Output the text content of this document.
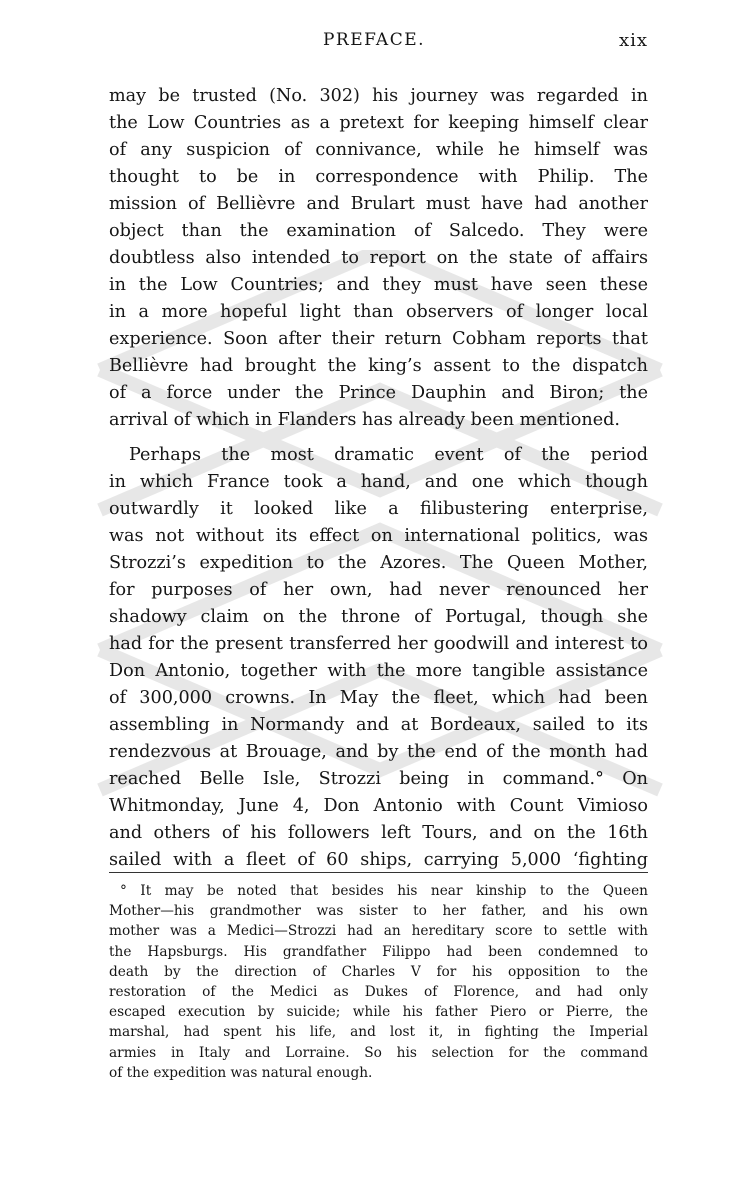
PREFACE.	xix
may be trusted (No. 302) his journey was regarded in
the Low Countries as a pretext for keeping himself clear
of any suspicion of connivance, while he himself was
thought to be in correspondence with Philip. The
mission of Bellièvre and Brulart must have had another
object than the examination of Salcedo. They were
doubtless also intended to report on the state of affairs
in the Low Countries; and they must have seen these
in a more hopeful light than observers of longer local
experience. Soon after their return Cobham reports that
Bellièvre had brought the king’s assent to the dispatch
of a force under the Prince Dauphin and Biron; the
arrival of which in Flanders has already been mentioned.
Perhaps the most dramatic event of the period
in which France took a hand, and one which though
outwardly it looked like a filibustering enterprise,
was not without its effect on international politics, was
Strozzi’s expedition to the Azores. The Queen Mother,
for purposes of her own, had never renounced her
shadowy claim on the throne of Portugal, though she
had for the present transferred her goodwill and interest to
Don Antonio, together with the more tangible assistance
of 300,000 crowns. In May the fleet, which had been
assembling in Normandy and at Bordeaux, sailed to its
rendezvous at Brouage, and by the end of the month had
reached Belle Isle, Strozzi being in command.° On
Whitmonday, June 4, Don Antonio with Count Vimioso
and others of his followers left Tours, and on the 16th
sailed with a fleet of 60 ships, carrying 5,000 ‘fighting
° It may be noted that besides his near kinship to the Queen
Mother—his grandmother was sister to her father, and his own
mother was a Medici—Strozzi had an hereditary score to settle with
the Hapsburgs. His grandfather Filippo had been condemned to
death by the direction of Charles V for his opposition to the
restoration of the Medici as Dukes of Florence, and had only
escaped execution by suicide; while his father Piero or Pierre, the
marshal, had spent his life, and lost it, in fighting the Imperial
armies in Italy and Lorraine. So his selection for the command
of the expedition was natural enough.
